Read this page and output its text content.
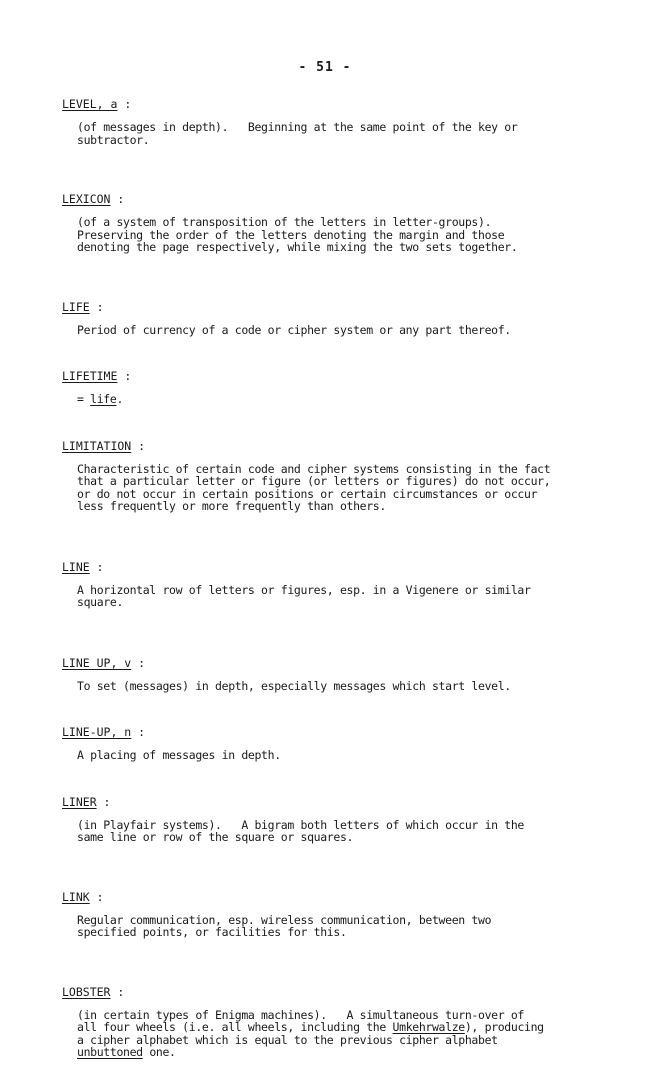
- 51 -

LEVEL, a :

(of messages in depth).   Beginning at the same point of the key or
subtractor.

LEXICON :

(of a system of transposition of the letters in letter-groups).
Preserving the order of the letters denoting the margin and those
denoting the page respectively, while mixing the two sets together.

LIFE :

Period of currency of a code or cipher system or any part thereof.

LIFETIME :

= life.

LIMITATION :

Characteristic of certain code and cipher systems consisting in the fact
that a particular letter or figure (or letters or figures) do not occur,
or do not occur in certain positions or certain circumstances or occur
less frequently or more frequently than others.

LINE :

A horizontal row of letters or figures, esp. in a Vigenere or similar
square.

LINE UP, v :

To set (messages) in depth, especially messages which start level.

LINE-UP, n :

A placing of messages in depth.

LINER :

(in Playfair systems).   A bigram both letters of which occur in the
same line or row of the square or squares.

LINK :

Regular communication, esp. wireless communication, between two
specified points, or facilities for this.

LOBSTER :

(in certain types of Enigma machines).   A simultaneous turn-over of
all four wheels (i.e. all wheels, including the Umkehrwalze), producing
a cipher alphabet which is equal to the previous cipher alphabet
unbuttoned one.
